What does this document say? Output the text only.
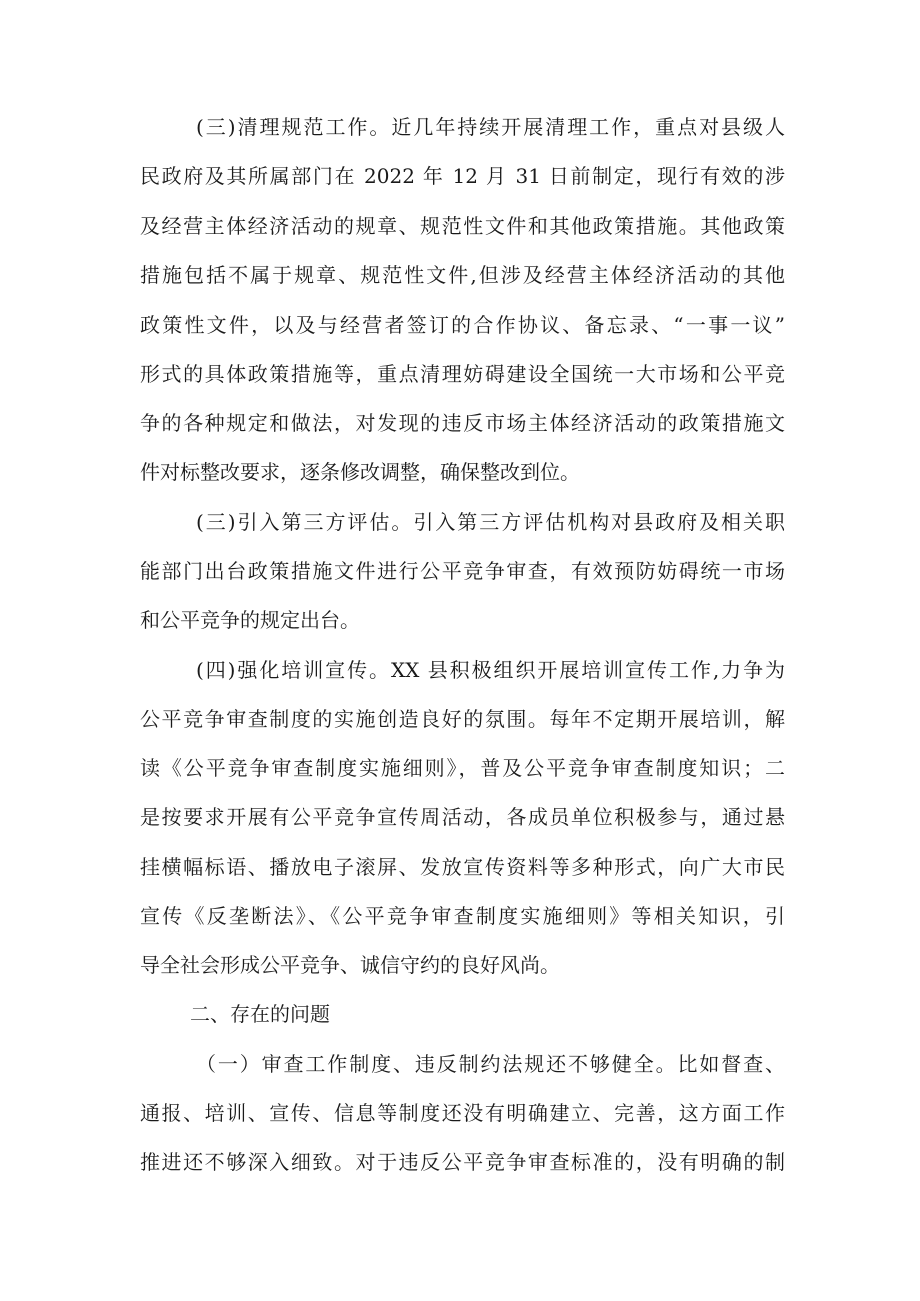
(三)清理规范工作。近几年持续开展清理工作，重点对县级人
民政府及其所属部门在 2022 年 12 月 31 日前制定，现行有效的涉
及经营主体经济活动的规章、规范性文件和其他政策措施。其他政策
措施包括不属于规章、规范性文件,但涉及经营主体经济活动的其他
政策性文件，以及与经营者签订的合作协议、备忘录、“一事一议”
形式的具体政策措施等，重点清理妨碍建设全国统一大市场和公平竞
争的各种规定和做法，对发现的违反市场主体经济活动的政策措施文
件对标整改要求，逐条修改调整，确保整改到位。
(三)引入第三方评估。引入第三方评估机构对县政府及相关职
能部门出台政策措施文件进行公平竞争审查，有效预防妨碍统一市场
和公平竞争的规定出台。
(四)强化培训宣传。XX 县积极组织开展培训宣传工作,力争为
公平竞争审查制度的实施创造良好的氛围。每年不定期开展培训，解
读《公平竞争审查制度实施细则》，普及公平竞争审查制度知识；二
是按要求开展有公平竞争宣传周活动，各成员单位积极参与，通过悬
挂横幅标语、播放电子滚屏、发放宣传资料等多种形式，向广大市民
宣传《反垄断法》、《公平竞争审查制度实施细则》等相关知识，引
导全社会形成公平竞争、诚信守约的良好风尚。
二、存在的问题
（一）审查工作制度、违反制约法规还不够健全。比如督查、
通报、培训、宣传、信息等制度还没有明确建立、完善，这方面工作
推进还不够深入细致。对于违反公平竞争审查标准的，没有明确的制
